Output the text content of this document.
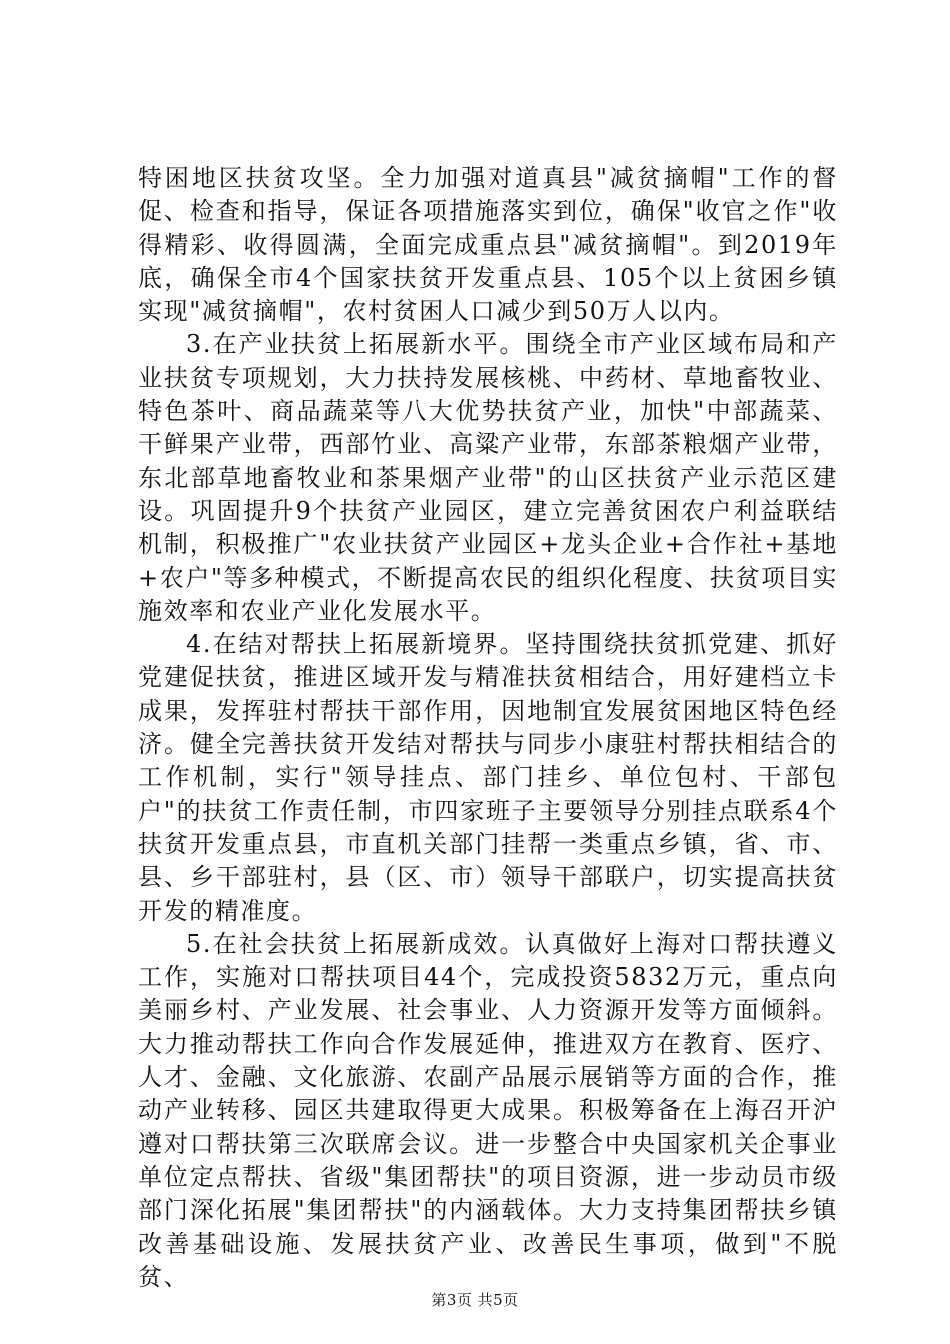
特困地区扶贫攻坚。全力加强对道真县"减贫摘帽"工作的督促、检查和指导，保证各项措施落实到位，确保"收官之作"收得精彩、收得圆满，全面完成重点县"减贫摘帽"。到2019年底，确保全市4个国家扶贫开发重点县、105个以上贫困乡镇实现"减贫摘帽"，农村贫困人口减少到50万人以内。

3.在产业扶贫上拓展新水平。围绕全市产业区域布局和产业扶贫专项规划，大力扶持发展核桃、中药材、草地畜牧业、特色茶叶、商品蔬菜等八大优势扶贫产业，加快"中部蔬菜、干鲜果产业带，西部竹业、高粱产业带，东部茶粮烟产业带，东北部草地畜牧业和茶果烟产业带"的山区扶贫产业示范区建设。巩固提升9个扶贫产业园区，建立完善贫困农户利益联结机制，积极推广"农业扶贫产业园区+龙头企业+合作社+基地+农户"等多种模式，不断提高农民的组织化程度、扶贫项目实施效率和农业产业化发展水平。

4.在结对帮扶上拓展新境界。坚持围绕扶贫抓党建、抓好党建促扶贫，推进区域开发与精准扶贫相结合，用好建档立卡成果，发挥驻村帮扶干部作用，因地制宜发展贫困地区特色经济。健全完善扶贫开发结对帮扶与同步小康驻村帮扶相结合的工作机制，实行"领导挂点、部门挂乡、单位包村、干部包户"的扶贫工作责任制，市四家班子主要领导分别挂点联系4个扶贫开发重点县，市直机关部门挂帮一类重点乡镇，省、市、县、乡干部驻村，县（区、市）领导干部联户，切实提高扶贫开发的精准度。

5.在社会扶贫上拓展新成效。认真做好上海对口帮扶遵义工作，实施对口帮扶项目44个，完成投资5832万元，重点向美丽乡村、产业发展、社会事业、人力资源开发等方面倾斜。大力推动帮扶工作向合作发展延伸，推进双方在教育、医疗、人才、金融、文化旅游、农副产品展示展销等方面的合作，推动产业转移、园区共建取得更大成果。积极筹备在上海召开沪遵对口帮扶第三次联席会议。进一步整合中央国家机关企事业单位定点帮扶、省级"集团帮扶"的项目资源，进一步动员市级部门深化拓展"集团帮扶"的内涵载体。大力支持集团帮扶乡镇改善基础设施、发展扶贫产业、改善民生事项，做到"不脱贫、

第3页 共5页
